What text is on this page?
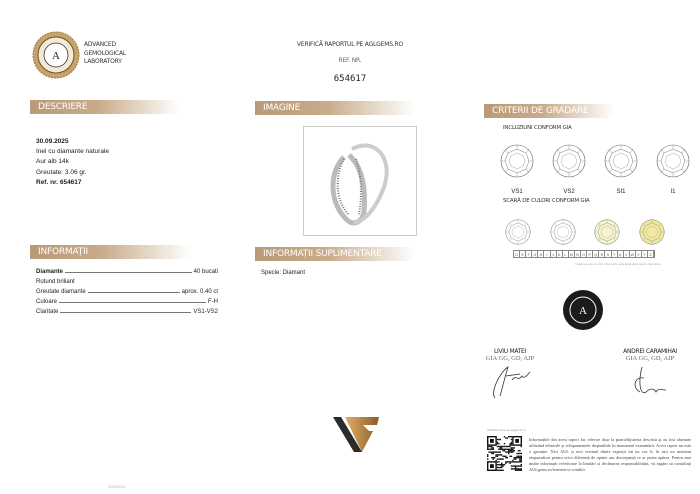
A
ADVANCED
GEMOLOGICAL
LABORATORY
VERIFICĂ RAPORTUL PE AGLGEMS.RO
REF. NR.
654617
DESCRIERE
30.09.2025
Inel cu diamante naturale
Aur alb 14k
Greutate: 3.06 gr.
Ref. nr. 654617
IMAGINE
INFORMAȚII
Diamante	40 bucati
Rotund briliant
Greutate diamante	aprox. 0.40 ct
Culoare	F-H
Claritate	VS1-VS2
INFORMAȚII SUPLIMENTARE
Specie: Diamant
CRITERII DE GRADARE
INCLUZIUNI CONFORM GIA
VS1	VS2	SI1	I1
SCARĂ DE CULORI CONFORM GIA
D	E	F	G H	I	J	K	L	M N O	P	Q R	S	T	U	V W X	Y	Z
Imaginea este cu titlu informativ, aplicabilă doar pentru diamante
A
LIVIU MATEI
GIA GG, GD, AJP
ANDREI CARAMIHAI
GIA GG, GD, AJP
Verifică online pe aglgems.ro
Informațiile din acest raport fac referire doar la piatra/bijuteria descrisă și au fost obținute utilizând tehnicile și echipamentele disponibile în momentul examinării. Acest raport nu este o garanție. Nici AGL și nici vreunul dintre experții săi nu vor fi, în nici un moment răspunzători pentru orice diferență de opinie sau discrepanță ce ar putea apărea. Pentru mai multe informații referitoare la limitări și declinarea responsabilității, vă rugăm să consultați AGLgems.ro/termeni-si-conditii.
000000000
